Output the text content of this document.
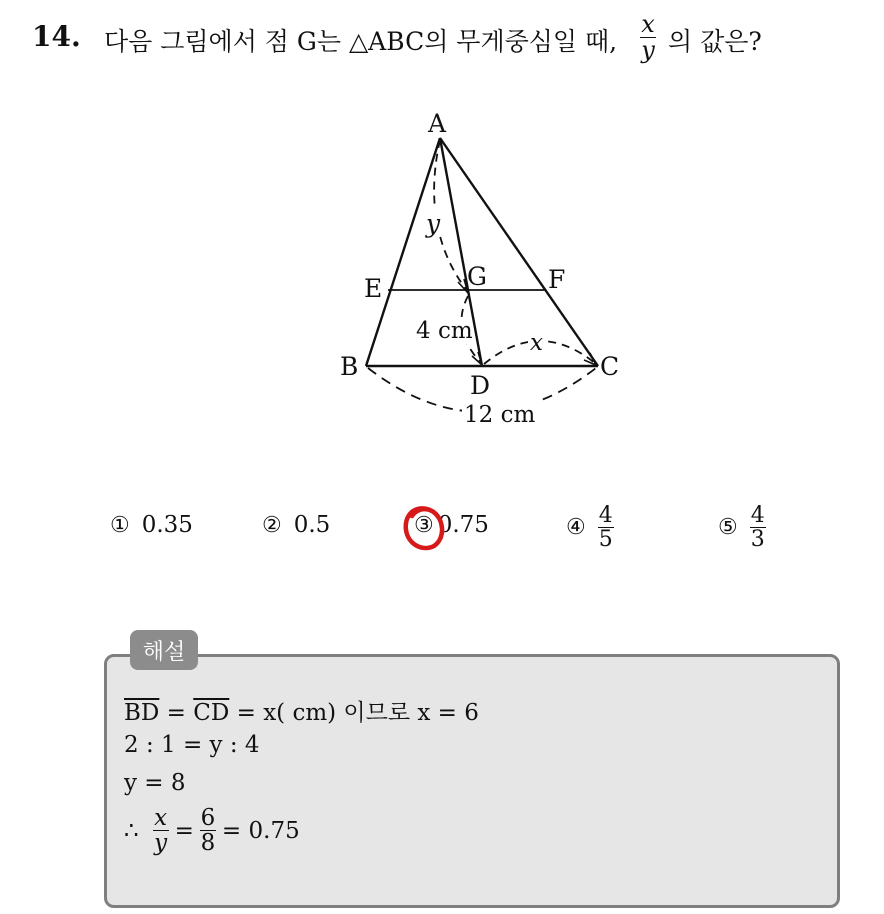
14. 다음 그림에서 점 G는 △ABC의 무게중심일 때,
x
y 의 값은?
A
B	C
D
E	F
G
y
4 cm x
12 cm
① 0.35	② 0.5	③ 0.75	④ $\frac{4}{5}$	⑤ $\frac{4}{3}$
해설
$\overline{BD} = \overline{CD} = x$( cm) 이므로 x = 6
2 : 1 = y : 4
y = 8
∴ $\frac{x}{y} = \frac{6}{8} = 0.75$
